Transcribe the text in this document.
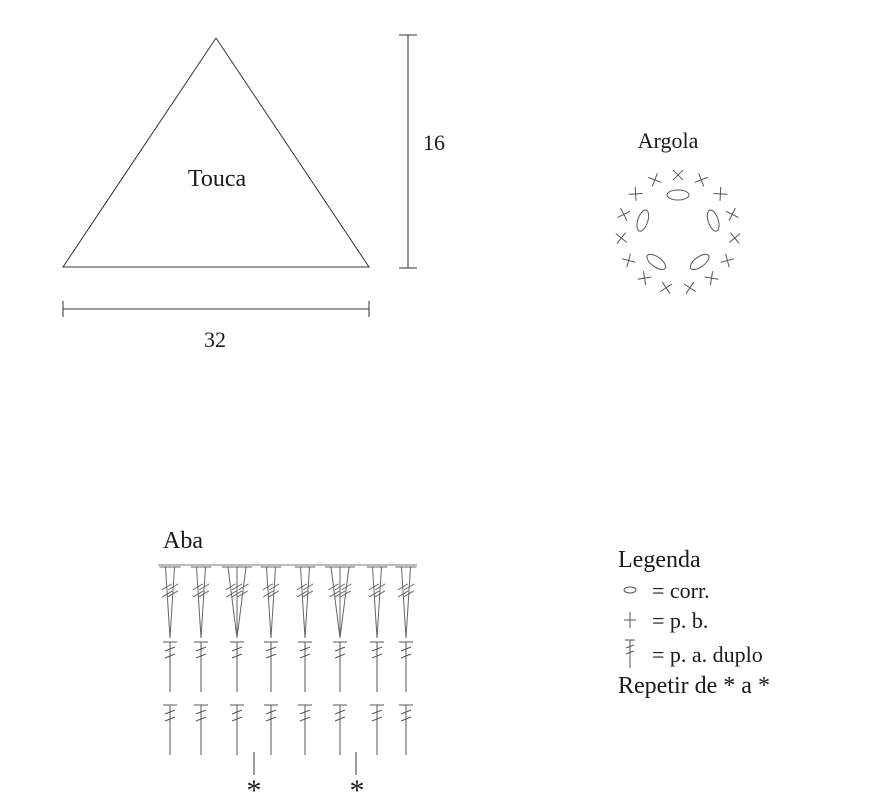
Touca
16
32
Argola
Aba
*	*
Legenda
= corr.
= p. b.
= p. a. duplo
Repetir de * a *
